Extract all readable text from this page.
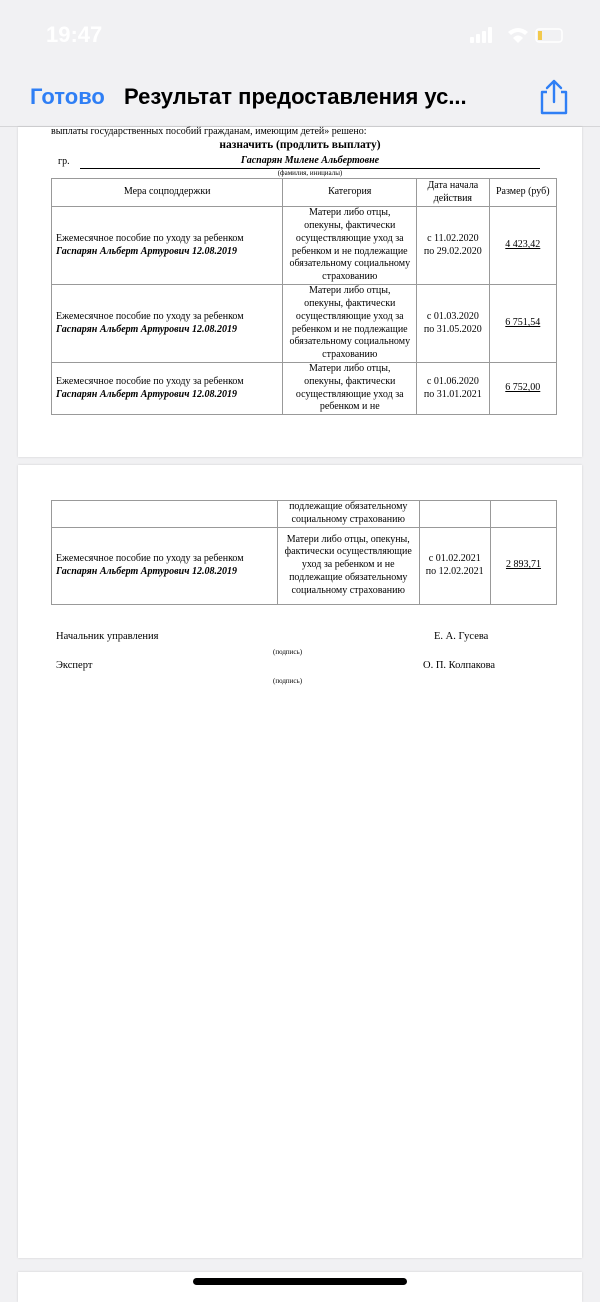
19:47
Готово Результат предоставления ус...
выплаты государственных пособий гражданам, имеющим детей» решено:
назначить (продлить выплату)
гр.	Гаспарян Милене Альбертовне
(фамилия, инициалы)
Мера соцподдержки	Категория	Дата начала действия	Размер (руб)
Ежемесячное пособие по уходу за ребенком
Гаспарян Альберт Артурович 12.08.2019	Матери либо отцы, опекуны, фактически осуществляющие уход за ребенком и не подлежащие обязательному социальному страхованию	с 11.02.2020
по 29.02.2020	4 423,42
Ежемесячное пособие по уходу за ребенком
Гаспарян Альберт Артурович 12.08.2019	Матери либо отцы, опекуны, фактически осуществляющие уход за ребенком и не подлежащие обязательному социальному страхованию	с 01.03.2020
по 31.05.2020	6 751,54
Ежемесячное пособие по уходу за ребенком
Гаспарян Альберт Артурович 12.08.2019	Матери либо отцы, опекуны, фактически осуществляющие уход за ребенком и не	с 01.06.2020
по 31.01.2021	6 752,00
	подлежащие обязательному социальному страхованию		
Ежемесячное пособие по уходу за ребенком
Гаспарян Альберт Артурович 12.08.2019	Матери либо отцы, опекуны, фактически осуществляющие уход за ребенком и не подлежащие обязательному социальному страхованию	с 01.02.2021
по 12.02.2021	2 893,71
Начальник управления	Е. А. Гусева
(подпись)
Эксперт	О. П. Колпакова
(подпись)
